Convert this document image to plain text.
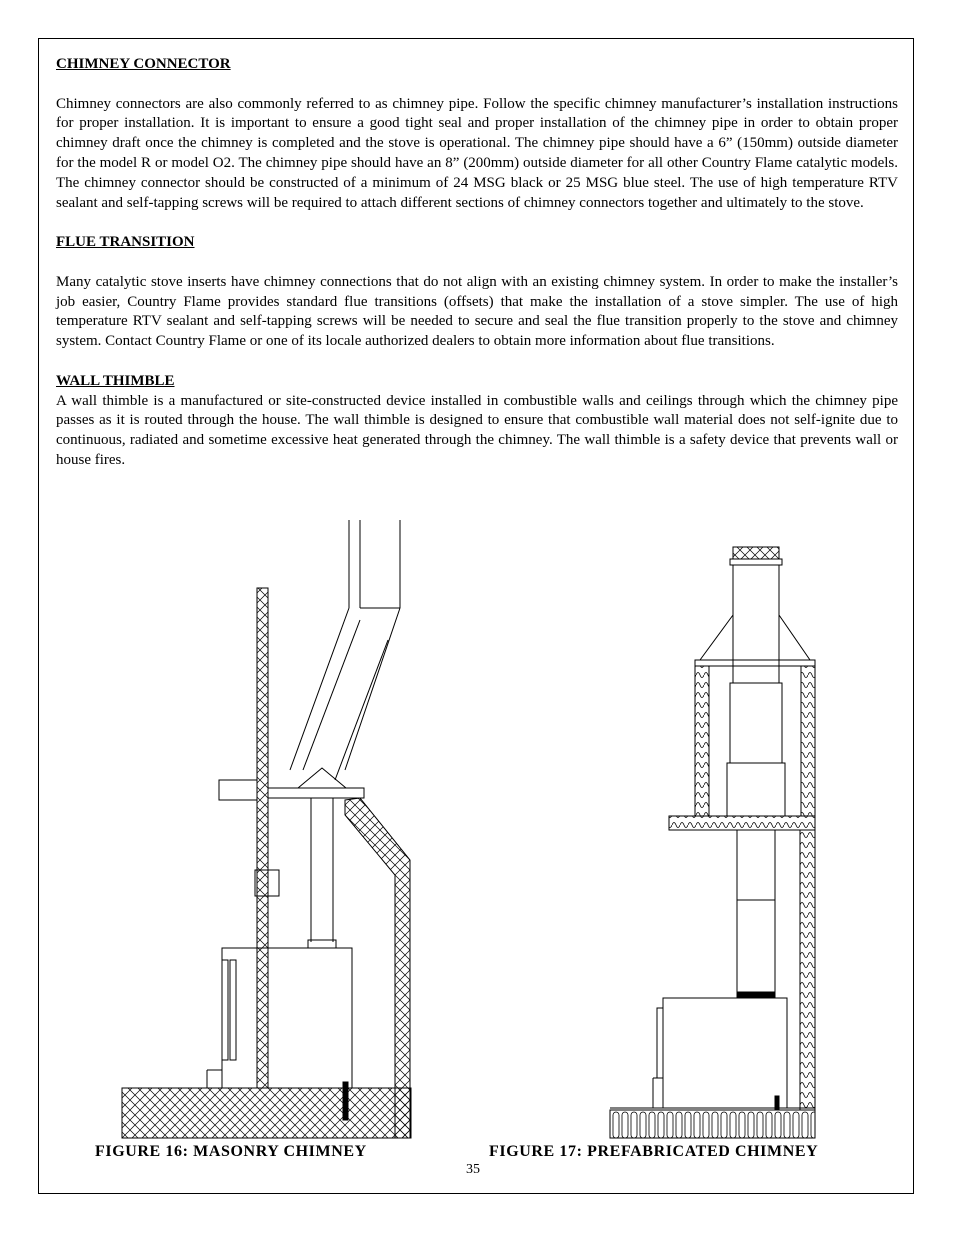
CHIMNEY CONNECTOR

Chimney connectors are also commonly referred to as chimney pipe. Follow the specific chimney manufacturer’s installation instructions for proper installation. It is important to ensure a good tight seal and proper installation of the chimney pipe in order to obtain proper chimney draft once the chimney is completed and the stove is operational. The chimney pipe should have a 6” (150mm) outside diameter for the model R or model O2. The chimney pipe should have an 8” (200mm) outside diameter for all other Country Flame catalytic models. The chimney connector should be constructed of a minimum of 24 MSG black or 25 MSG blue steel. The use of high temperature RTV sealant and self-tapping screws will be required to attach different sections of chimney connectors together and ultimately to the stove.

FLUE TRANSITION

Many catalytic stove inserts have chimney connections that do not align with an existing chimney system. In order to make the installer’s job easier, Country Flame provides standard flue transitions (offsets) that make the installation of a stove simpler. The use of high temperature RTV sealant and self-tapping screws will be needed to secure and seal the flue transition properly to the stove and chimney system. Contact Country Flame or one of its locale authorized dealers to obtain more information about flue transitions.

WALL THIMBLE

A wall thimble is a manufactured or site-constructed device installed in combustible walls and ceilings through which the chimney pipe passes as it is routed through the house. The wall thimble is designed to ensure that combustible wall material does not self-ignite due to continuous, radiated and sometime excessive heat generated through the chimney. The wall thimble is a safety device that prevents wall or house fires.

FIGURE 16: MASONRY CHIMNEY	FIGURE 17: PREFABRICATED CHIMNEY
35
